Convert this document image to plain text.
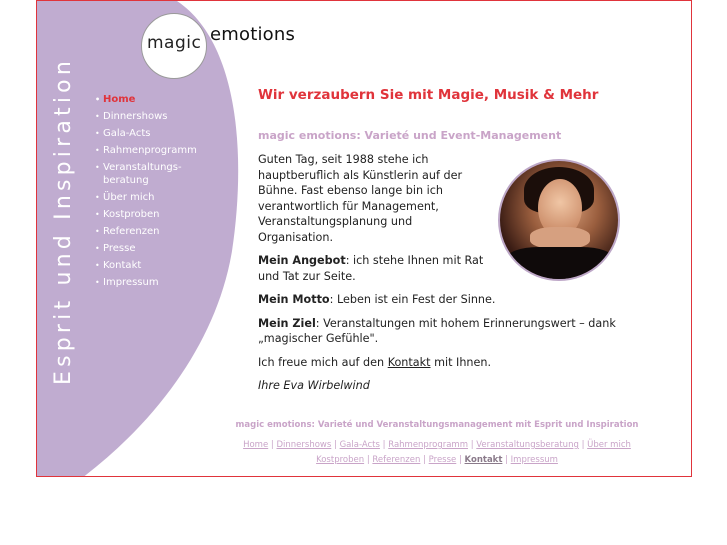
Esprit und Inspiration
magic emotions
• Home
• Dinnershows
• Gala-Acts
• Rahmenprogramm
• Veranstaltungs-
beratung
• Über mich
• Kostproben
• Referenzen
• Presse
• Kontakt
• Impressum
Wir verzaubern Sie mit Magie, Musik & Mehr
magic emotions: Varieté und Event-Management

Guten Tag, seit 1988 stehe ich hauptberuflich als Künstlerin auf der Bühne. Fast ebenso lange bin ich verantwortlich für Management, Veranstaltungsplanung und Organisation.

Mein Angebot: ich stehe Ihnen mit Rat und Tat zur Seite.

Mein Motto: Leben ist ein Fest der Sinne.

Mein Ziel: Veranstaltungen mit hohem Erinnerungswert – dank „magischer Gefühle".

Ich freue mich auf den Kontakt mit Ihnen.

Ihre Eva Wirbelwind

magic emotions: Varieté und Veranstaltungsmanagement mit Esprit und Inspiration
Home | Dinnershows | Gala-Acts | Rahmenprogramm | Veranstaltungsberatung | Über mich
Kostproben | Referenzen | Presse | Kontakt | Impressum
